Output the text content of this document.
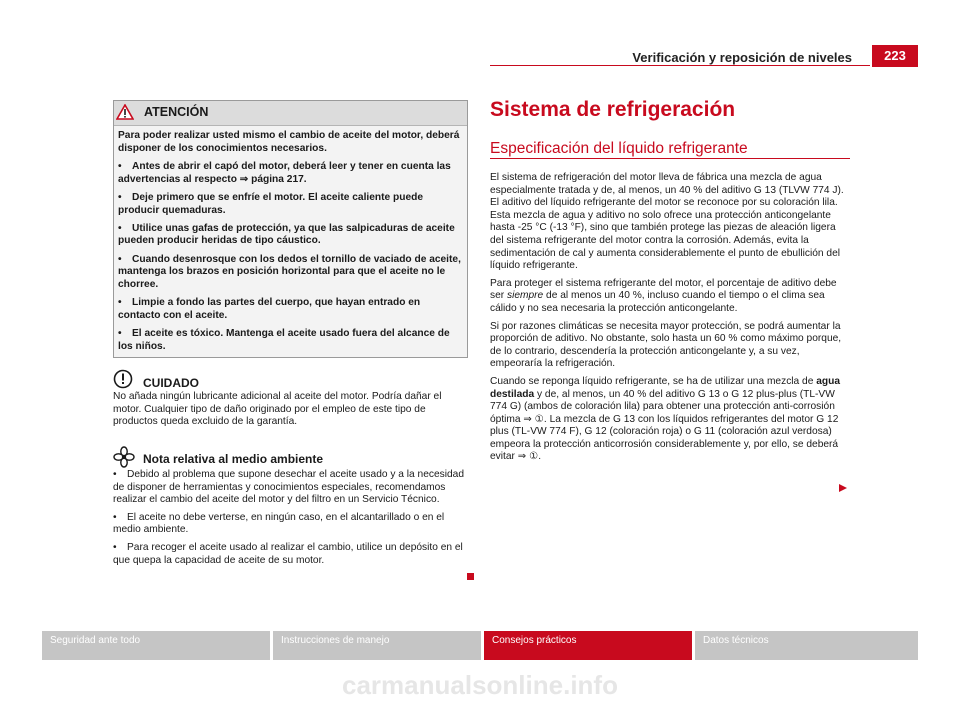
Verificación y reposición de niveles	223
ATENCIÓN

Para poder realizar usted mismo el cambio de aceite del motor, deberá disponer de los conocimientos necesarios.

• Antes de abrir el capó del motor, deberá leer y tener en cuenta las advertencias al respecto ⇒ página 217.

• Deje primero que se enfríe el motor. El aceite caliente puede producir quemaduras.

• Utilice unas gafas de protección, ya que las salpicaduras de aceite pueden producir heridas de tipo cáustico.

• Cuando desenrosque con los dedos el tornillo de vaciado de aceite, mantenga los brazos en posición horizontal para que el aceite no le chorree.

• Limpie a fondo las partes del cuerpo, que hayan entrado en contacto con el aceite.

• El aceite es tóxico. Mantenga el aceite usado fuera del alcance de los niños.

CUIDADO

No añada ningún lubricante adicional al aceite del motor. Podría dañar el motor. Cualquier tipo de daño originado por el empleo de este tipo de productos queda excluido de la garantía.

Nota relativa al medio ambiente

• Debido al problema que supone desechar el aceite usado y a la necesidad de disponer de herramientas y conocimientos especiales, recomendamos realizar el cambio del aceite del motor y del filtro en un Servicio Técnico.

• El aceite no debe verterse, en ningún caso, en el alcantarillado o en el medio ambiente.

• Para recoger el aceite usado al realizar el cambio, utilice un depósito en el que quepa la capacidad de aceite de su motor.

Sistema de refrigeración
Especificación del líquido refrigerante

El sistema de refrigeración del motor lleva de fábrica una mezcla de agua especialmente tratada y de, al menos, un 40 % del aditivo G 13 (TLVW 774 J). El aditivo del líquido refrigerante del motor se reconoce por su coloración lila. Esta mezcla de agua y aditivo no solo ofrece una protección anticongelante hasta -25 °C (-13 °F), sino que también protege las piezas de aleación ligera del sistema refrigerante del motor contra la corrosión. Además, evita la sedimentación de cal y aumenta considerablemente el punto de ebullición del líquido refrigerante.

Para proteger el sistema refrigerante del motor, el porcentaje de aditivo debe ser siempre de al menos un 40 %, incluso cuando el tiempo o el clima sea cálido y no sea necesaria la protección anticongelante.

Si por razones climáticas se necesita mayor protección, se podrá aumentar la proporción de aditivo. No obstante, solo hasta un 60 % como máximo porque, de lo contrario, descendería la protección anticongelante y, a su vez, empeoraría la refrigeración.

Cuando se reponga líquido refrigerante, se ha de utilizar una mezcla de agua destilada y de, al menos, un 40 % del aditivo G 13 o G 12 plus-plus (TL-VW 774 G) (ambos de coloración lila) para obtener una protección anti-corrosión óptima ⇒ ①. La mezcla de G 13 con los líquidos refrigerantes del motor G 12 plus (TL-VW 774 F), G 12 (coloración roja) o G 11 (coloración azul verdosa) empeora la protección anticorrosión considerablemente y, por ello, se deberá evitar ⇒ ①.

Seguridad ante todo	Instrucciones de manejo	Consejos prácticos	Datos técnicos
carmanualsonline.info
